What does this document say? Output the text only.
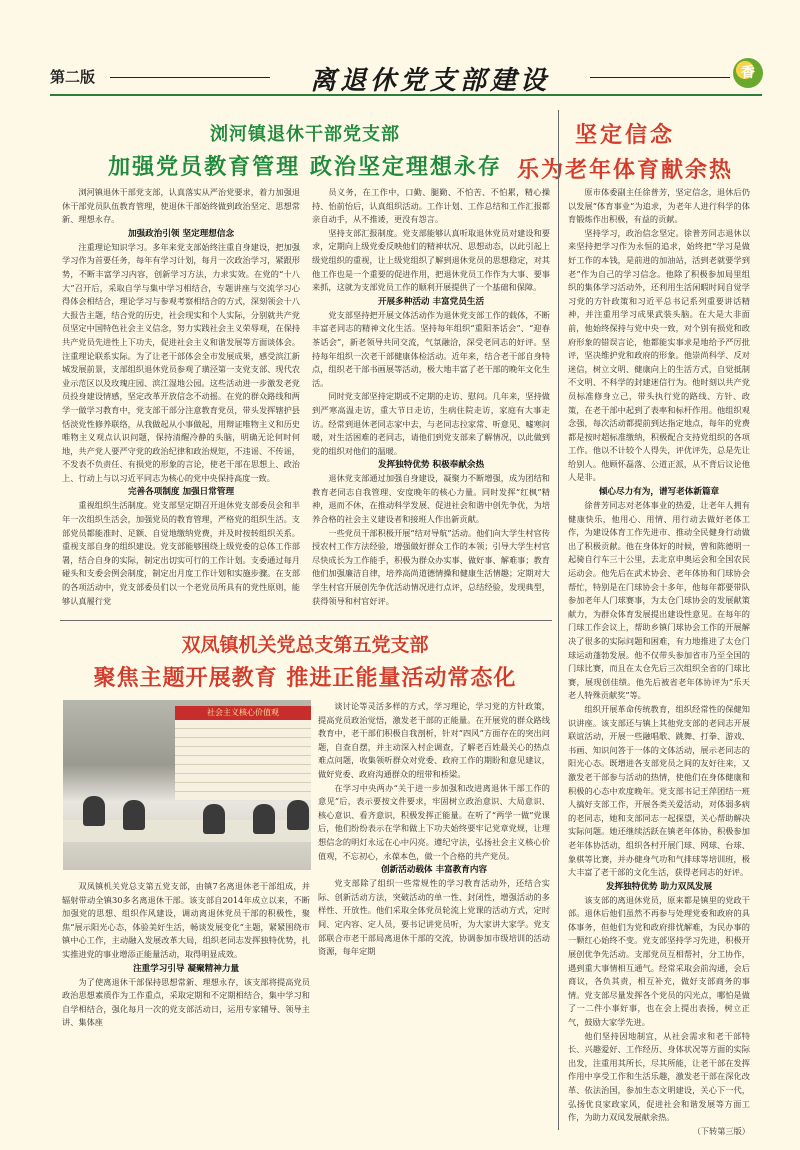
第二版	离退休党支部建设	香
浏河镇退休干部党支部
加强党员教育管理 政治坚定理想永存
坚定信念
乐为老年体育献余热

浏河镇退休干部党支部，认真落实从严治党要求，着力加强退休干部党员队伍教育管理，使退休干部始终做到政治坚定、思想常新、理想永存。

加强政治引领 坚定理想信念

注重理论知识学习。多年来党支部始终注重自身建设，把加强学习作为首要任务，每年有学习计划，每月一次政治学习，紧跟形势，不断丰富学习内容，创新学习方法，力求实效。在党的“十八大”召开后，采取自学与集中学习相结合，专题讲座与交流学习心得体会相结合，理论学习与参观考察相结合的方式，深刻领会十八大报告主题，结合党的历史，社会现实和个人实际，分别就共产党员坚定中国特色社会主义信念，努力实践社会主义荣辱观，在保持共产党员先进性上下功夫，促进社会主义和谐发展等方面谈体会。注重理论联系实际。为了让老干部体会全市发展成果，感受滨江新城发展前景，支部组织退休党员参观了璜泾第一支党支部、现代农业示范区以及玫瑰庄园、滨江湿地公园。这些活动进一步激发老党员投身建设情感，坚定改革开放信念不动摇。在党的群众路线和两学一做学习教育中，党支部干部分注意教育党员，带头发挥辖护县恬淡党性修养联络，从我做起从小事做起，用辩证唯物主义和历史唯物主义观点认识问题，保持清醒冷静的头脑，明确无论何时何地，共产党人要严守党的政治纪律和政治规矩，不违谣、不传谣，不发表不负责任、有损党的形象的言论，使老干部在思想上、政治上、行动上与以习近平同志为核心的党中央保持高度一致。

完善各项制度 加强日常管理

重视组织生活制度。党支部坚定期召开退休党支部委员会和半年一次组织生活会，加强党员的教育管理，严格党的组织生活。支部党员都能准时、足额、自觉地缴纳党费，并及时按转组织关系。重视支部自身的组织建设。党支部能够围绕上级党委的总体工作部署，结合自身的实际，制定出切实可行的工作计划。支委通过每月碰头和支委会例会制度，制定出月度工作计划和实施步骤。在支部的各项活动中，党支部委员们以一个老党员所具有的党性原则，能够认真履行党

员义务，在工作中，口勤、腿勤、不怕苦、不怕累，精心操持、怡前怡后，认真组织活动。工作计划、工作总结和工作汇报都亲自动手，从不推诿，更没有怨言。

坚持支部汇报制度。党支部能够认真听取退休党员对建设和要求，定期向上级党委反映他们的精神状况、思想动态，以此引起上级党组织的重视，让上级党组织了解到退休党员的思想稳定，对其他工作也是一个重要的促进作用，把退休党员工作作为大事、要事来抓，这就为支部党员工作的顺利开展提供了一个基础和保障。

开展多种活动 丰富党员生活

党支部坚持把开展文体活动作为退休党支部工作的载体，不断丰富老同志的精神文化生活。坚持每年组织“重阳茶话会”、“迎春茶话会”，新老领导共同交流，气氛融洽，深受老同志的好评。坚持每年组织一次老干部健康体检活动。近年来，结合老干部自身特点，组织老干部书画展等活动，极大地丰富了老干部的晚年文化生活。

同时党支部坚持定期或不定期的走访、慰问。几年来，坚持做到严寒高温走访，重大节日走访，生病住院走访，家庭有大事走访。经常到退休老同志家中去，与老同志拉家常、听意见、嘘寒问暖，对生活困难的老同志，请他们到党支部来了解情况，以此做到党的组织对他们的温暖。

发挥独特优势 积极奉献余热

退休党支部通过加强自身建设，凝聚力不断增强，成为团结和教育老同志自我管理、安度晚年的核心力量。同时发挥“红枫”精神，退而不休，在推动科学发展、促进社会和谐中创先争优，为培养合格的社会主义建设者和接班人作出新贡献。

一些党员干部积极开展“结对导航”活动。他们向大学生村官传授农村工作方法经验，增强做好群众工作的本领；引导大学生村官尽快成长为工作能手，积极为群众办实事、做好事、解难事；教育他们加强廉洁自律，培养高尚道德情操和健康生活情趣；定期对大学生村官开展创先争优活动情况进行点评，总结经验，发现典型，获得领导和村官好评。

原市体委副主任徐普芳，坚定信念，退休后仍以发展“体育事业”为追求，为老年人进行科学的体育锻炼作出积极，有益的贡献。

坚持学习，政治信念坚定。徐普芳同志退休以来坚持把学习作为永恒的追求，始终把“学习是做好工作的本钱，是前进的加油站，活到老就要学到老”作为自己的学习信念。他除了积极参加局里组织的集体学习活动外，还利用生活闲暇时间自觉学习党的方针政策和习近平总书记系列重要讲话精神，并注重用学习成果武装头脑。在大是大非面前，他始终保持与党中央一致，对个别有损党和政府形象的错误言论，他都能实事求是地给予严厉批评，坚决维护党和政府的形象。他崇尚科学、反对迷信，树立文明、健康向上的生活方式，自觉抵制不文明、不科学的封建迷信行为。他时刻以共产党员标准修身立己，带头执行党的路线、方针、政策，在老干部中起到了表率和标杆作用。他组织观念强，每次活动都提前到达指定地点，每年的党费都是按时超标准缴纳，积极配合支持党组织的各项工作。他以不计较个人得失，评优评先，总是先让给别人。他顾怀磊落、公道正派，从不背后议论他人是非。

倾心尽力有为，谱写老体新篇章

徐普芳同志对老体事业的热爱，让老年人拥有健康快乐，他用心、用情、用行动去做好老体工作，为建设体育工作先进市、推动全民健身行动做出了积极贡献。他在身体好的时候，曾和陈德明一起骑自行车三十公里，去北京申奥运会和全国农民运动会。他先后在武术协会、老年体协和门球协会帮忙，特别是在门球协会十多年，他每年都要带队参加老年人门球赛事，为太仓门球协会的发展献策献力，为群众体育发展提出建设性意见。在每年的门球工作会议上，帮助乡镇门球协会工作的开展解决了很多的实际问题和困难，有力地推进了太仓门球运动蓬勃发展。他不仅带头参加省市乃至全国的门球比赛，而且在太仓先后三次组织全省的门球比赛，展现创佳绩。他先后被省老年体协评为“乐天老人特殊贡献奖”等。

组织开展革命传统教育，组织经常性的保健知识讲座。该支部还与镇上其他党支部的老同志开展联谊活动，开展一些融唱歌、跳舞、打拳、游戏、书画、知识问答于一体的文体活动，展示老同志的阳光心态。既增进各支部党员之间的友好往来，又激发老干部参与活动的热情，使他们在身体健康和积极的心态中欢度晚年。党支部书记王萍团结一班人搞好支部工作，开展各类关爱活动，对体弱多病的老同志，她和支部同志一起探望，关心帮助解决实际问题。她还继续活跃在镇老年体协，积极参加老年体协活动，组织各村开展门球、网球、台球、象棋等比赛，并办健身气功和气排球等培训班，极大丰富了老干部的文化生活，获得老同志的好评。

发挥独特优势 助力双凤发展

该支部的离退休党员，原来都是镇里的党政干部。退休后他们虽然不再参与处理党委和政府的具体事务，但他们为党和政府排忧解难，为民办事的一颗红心始终不变。党支部坚持学习先进，积极开展创优争先活动。支部党员互相帮衬，分工协作，遇到重大事情相互通气。经常采取会前沟通，会后商议，各负其责，相互补充，做好支部商务的事情。党支部尽量发挥各个党员的闪光点，哪怕是做了一二件小事好事，也在会上提出表扬，树立正气，鼓励大家学先进。

他们坚持因地制宜，从社会需求和老干部特长、兴趣爱好、工作经历、身体状况等方面的实际出发，注重用其所长，尽其所能，让老干部在发挥作用中享受工作和生活乐趣，激发老干部在深化改革、依法治国，参加生态文明建设，关心下一代，弘扬优良家政家风，促进社会和谐发展等方面工作，为助力双凤发展献余热。

（下转第三版）

双凤镇机关党总支第五党支部
聚焦主题开展教育 推进正能量活动常态化
社会主义核心价值观

双凤镇机关党总支第五党支部，由镇7名离退休老干部组成，并辐射带动全镇30多名离退休干部。该支部自2014年成立以来，不断加强党的思想、组织作风建设，调动离退休党员干部的积极性，聚焦“展示阳光心态，体验美好生活，畅谈发展变化”主题，紧紧围绕市镇中心工作，主动融入发展改革大局，组织老同志发挥独特优势，扎实推进党的事业增添正能量活动，取得明显成效。

注重学习引导 凝聚精神力量

为了使离退休干部保持思想常新、理想永存，该支部将提高党员政治思想素质作为工作重点，采取定期和不定期相结合，集中学习和自学相结合，强化每月一次的党支部活动日，运用专家辅导、领导主讲、集体座

谈讨论等灵活多样的方式，学习理论，学习党的方针政策，提高党员政治觉悟，激发老干部的正能量。在开展党的群众路线教育中，老干部们积极自我剖析，针对“四风”方面存在的突出问题，自查自摆，并主动深入村企调查，了解老百姓最关心的热点难点问题，收集领听群众对党委、政府工作的期盼和意见建议，做好党委、政府沟通群众的纽带和桥梁。

在学习中央两办“关于进一步加强和改进离退休干部工作的意见”后，表示要按文件要求，牢固树立政治意识、大局意识、核心意识、看齐意识，积极发挥正能量。在听了“两学一做”党课后，他们纷纷表示在学和做上下功夫始终要牢记党章党规，让理想信念的明灯永远在心中闪亮。遵纪守法，弘扬社会主义核心价值观，不忘初心，永葆本色，做一个合格的共产党员。

创新活动载体 丰富教育内容

党支部除了组织一些常规性的学习教育活动外，还结合实际、创新活动方法，突破活动的单一性、封闭性，增强活动的多样性、开放性。他们采取全体党员轮流上党课的活动方式，定时间、定内容、定人员，要书记讲党员听，为大家讲大家学。党支部联合市老干部局离退休干部的交流，协调参加市级培训的活动资源，每年定期
